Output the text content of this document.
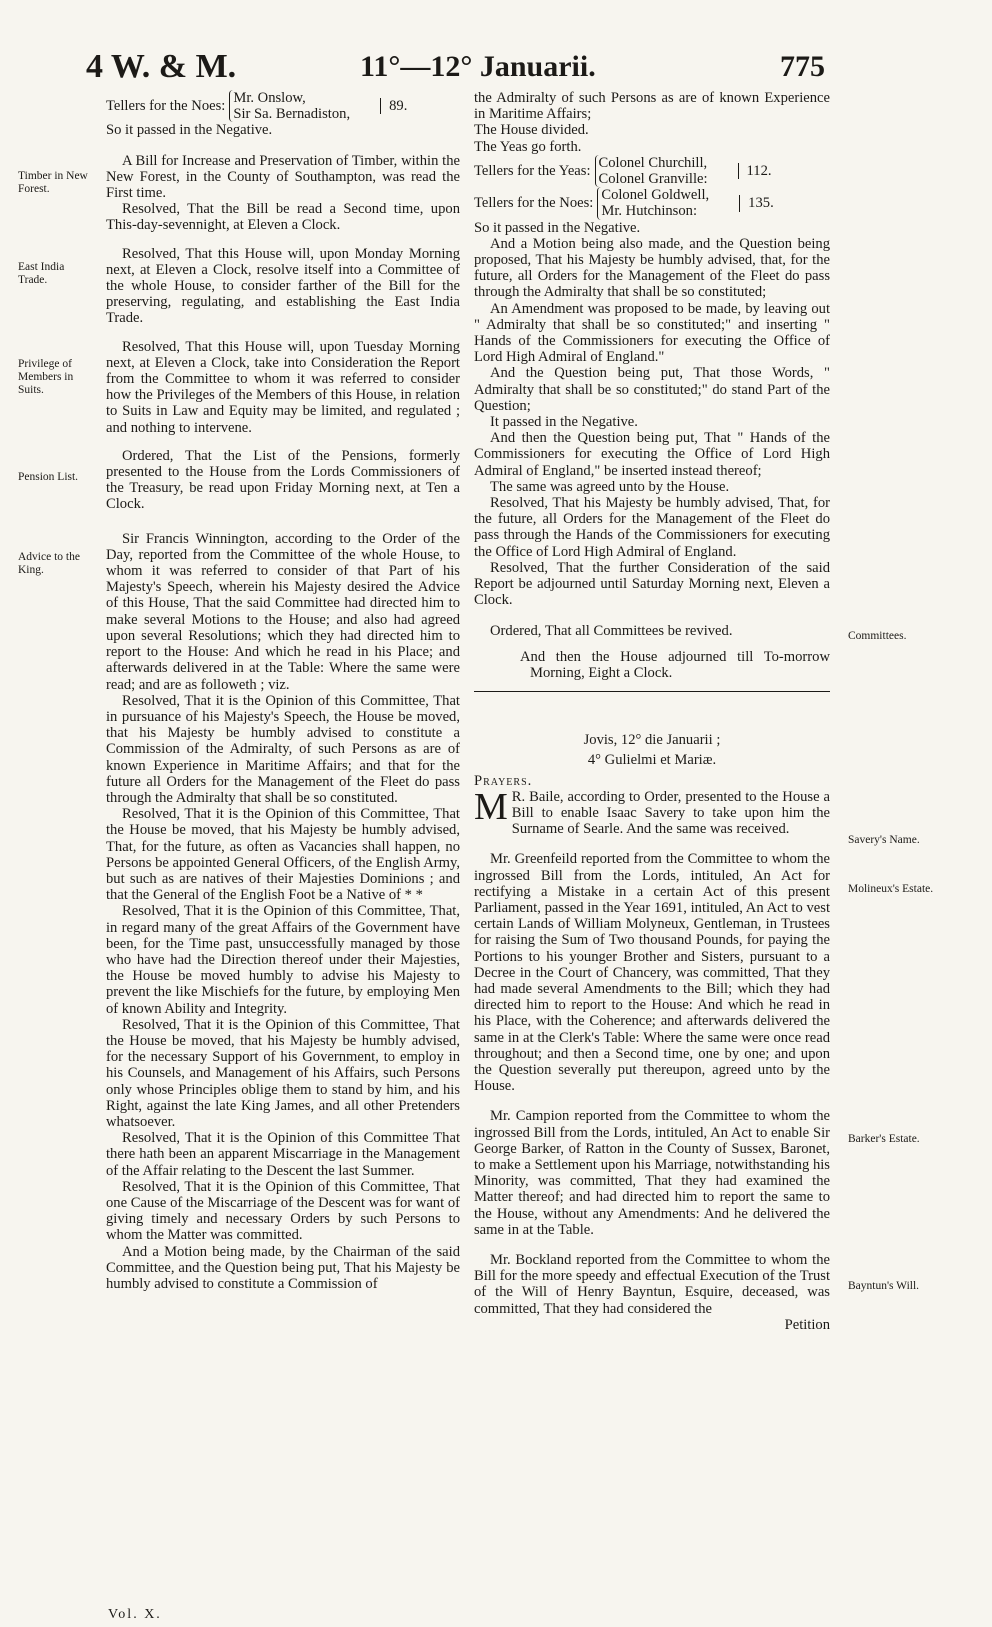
4 W. & M.	11°—12° Januarii.	775
Timber in New Forest.
East India Trade.
Privilege of Members in Suits.
Pension List.
Advice to the King.
Committees.
Savery's Name.
Molineux's Estate.
Barker's Estate.
Bayntun's Will.
Tellers for the Noes:
Mr. Onslow,
Sir Sa. Bernadiston,
89.

So it passed in the Negative.

A Bill for Increase and Preservation of Timber, within the New Forest, in the County of Southampton, was read the First time.

Resolved, That the Bill be read a Second time, upon This-day-sevennight, at Eleven a Clock.

Resolved, That this House will, upon Monday Morning next, at Eleven a Clock, resolve itself into a Committee of the whole House, to consider farther of the Bill for the preserving, regulating, and establishing the East India Trade.

Resolved, That this House will, upon Tuesday Morning next, at Eleven a Clock, take into Consideration the Report from the Committee to whom it was referred to consider how the Privileges of the Members of this House, in relation to Suits in Law and Equity may be limited, and regulated ; and nothing to intervene.

Ordered, That the List of the Pensions, formerly presented to the House from the Lords Commissioners of the Treasury, be read upon Friday Morning next, at Ten a Clock.

Sir Francis Winnington, according to the Order of the Day, reported from the Committee of the whole House, to whom it was referred to consider of that Part of his Majesty's Speech, wherein his Majesty desired the Advice of this House, That the said Committee had directed him to make several Motions to the House; and also had agreed upon several Resolutions; which they had directed him to report to the House: And which he read in his Place; and afterwards delivered in at the Table: Where the same were read; and are as followeth ; viz.

Resolved, That it is the Opinion of this Committee, That in pursuance of his Majesty's Speech, the House be moved, that his Majesty be humbly advised to constitute a Commission of the Admiralty, of such Persons as are of known Experience in Maritime Affairs; and that for the future all Orders for the Management of the Fleet do pass through the Admiralty that shall be so constituted.

Resolved, That it is the Opinion of this Committee, That the House be moved, that his Majesty be humbly advised, That, for the future, as often as Vacancies shall happen, no Persons be appointed General Officers, of the English Army, but such as are natives of their Majesties Dominions ; and that the General of the English Foot be a Native of * *

Resolved, That it is the Opinion of this Committee, That, in regard many of the great Affairs of the Government have been, for the Time past, unsuccessfully managed by those who have had the Direction thereof under their Majesties, the House be moved humbly to advise his Majesty to prevent the like Mischiefs for the future, by employing Men of known Ability and Integrity.

Resolved, That it is the Opinion of this Committee, That the House be moved, that his Majesty be humbly advised, for the necessary Support of his Government, to employ in his Counsels, and Management of his Affairs, such Persons only whose Principles oblige them to stand by him, and his Right, against the late King James, and all other Pretenders whatsoever.

Resolved, That it is the Opinion of this Committee That there hath been an apparent Miscarriage in the Management of the Affair relating to the Descent the last Summer.

Resolved, That it is the Opinion of this Committee, That one Cause of the Miscarriage of the Descent was for want of giving timely and necessary Orders by such Persons to whom the Matter was committed.

And a Motion being made, by the Chairman of the said Committee, and the Question being put, That his Majesty be humbly advised to constitute a Commission of

the Admiralty of such Persons as are of known Experience in Maritime Affairs;

The House divided.

The Yeas go forth.

Tellers for the Yeas:
Colonel Churchill,
Colonel Granville:
112.
Tellers for the Noes:
Colonel Goldwell,
Mr. Hutchinson:
135.

So it passed in the Negative.

And a Motion being also made, and the Question being proposed, That his Majesty be humbly advised, that, for the future, all Orders for the Management of the Fleet do pass through the Admiralty that shall be so constituted;

An Amendment was proposed to be made, by leaving out " Admiralty that shall be so constituted;" and inserting " Hands of the Commissioners for executing the Office of Lord High Admiral of England."

And the Question being put, That those Words, " Admiralty that shall be so constituted;" do stand Part of the Question;

It passed in the Negative.

And then the Question being put, That " Hands of the Commissioners for executing the Office of Lord High Admiral of England," be inserted instead thereof;

The same was agreed unto by the House.

Resolved, That his Majesty be humbly advised, That, for the future, all Orders for the Management of the Fleet do pass through the Hands of the Commissioners for executing the Office of Lord High Admiral of England.

Resolved, That the further Consideration of the said Report be adjourned until Saturday Morning next, Eleven a Clock.

Ordered, That all Committees be revived.

And then the House adjourned till To-morrow Morning, Eight a Clock.

Jovis, 12° die Januarii ;
4° Gulielmi et Mariæ.
Prayers.

M R. Baile, according to Order, presented to the House a Bill to enable Isaac Savery to take upon him the Surname of Searle. And the same was received.

Mr. Greenfeild reported from the Committee to whom the ingrossed Bill from the Lords, intituled, An Act for rectifying a Mistake in a certain Act of this present Parliament, passed in the Year 1691, intituled, An Act to vest certain Lands of William Molyneux, Gentleman, in Trustees for raising the Sum of Two thousand Pounds, for paying the Portions to his younger Brother and Sisters, pursuant to a Decree in the Court of Chancery, was committed, That they had made several Amendments to the Bill; which they had directed him to report to the House: And which he read in his Place, with the Coherence; and afterwards delivered the same in at the Clerk's Table: Where the same were once read throughout; and then a Second time, one by one; and upon the Question severally put thereupon, agreed unto by the House.

Mr. Campion reported from the Committee to whom the ingrossed Bill from the Lords, intituled, An Act to enable Sir George Barker, of Ratton in the County of Sussex, Baronet, to make a Settlement upon his Marriage, notwithstanding his Minority, was committed, That they had examined the Matter thereof; and had directed him to report the same to the House, without any Amendments: And he delivered the same in at the Table.

Mr. Bockland reported from the Committee to whom the Bill for the more speedy and effectual Execution of the Trust of the Will of Henry Bayntun, Esquire, deceased, was committed, That they had considered the

Petition
Vol. X.
